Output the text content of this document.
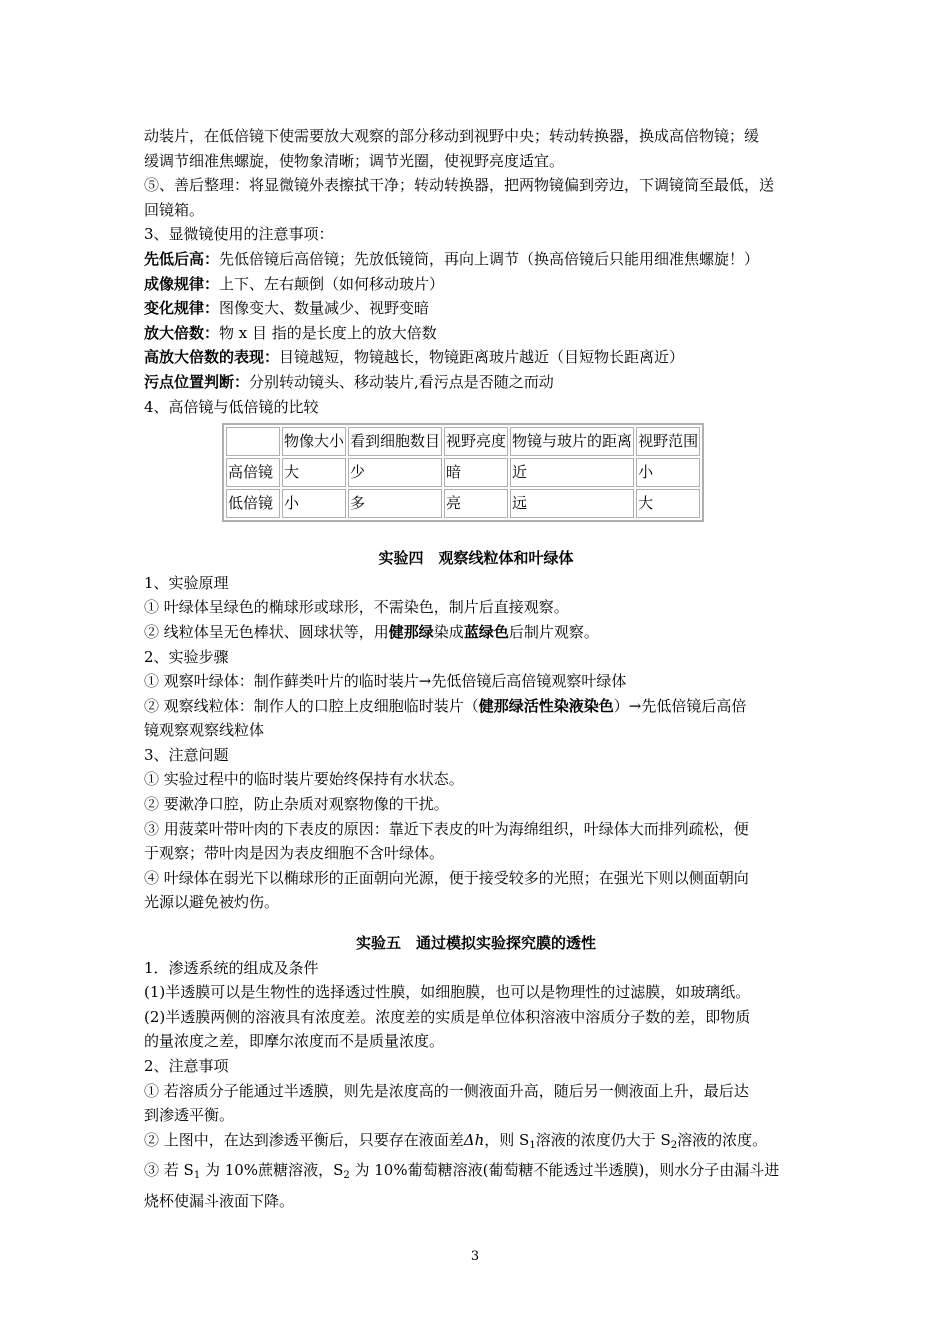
动装片，在低倍镜下使需要放大观察的部分移动到视野中央；转动转换器，换成高倍物镜；缓
缓调节细准焦螺旋，使物象清晰；调节光圈，使视野亮度适宜。
⑤、善后整理：将显微镜外表擦拭干净；转动转换器，把两物镜偏到旁边，下调镜筒至最低，送
回镜箱。
3、显微镜使用的注意事项：
先低后高：先低倍镜后高倍镜；先放低镜筒，再向上调节（换高倍镜后只能用细准焦螺旋！）
成像规律：上下、左右颠倒（如何移动玻片）
变化规律：图像变大、数量减少、视野变暗
放大倍数：物 x 目 指的是长度上的放大倍数
高放大倍数的表现：目镜越短，物镜越长，物镜距离玻片越近（目短物长距离近）
污点位置判断：分别转动镜头、移动装片,看污点是否随之而动
4、高倍镜与低倍镜的比较
	物像大小	看到细胞数目	视野亮度	物镜与玻片的距离	视野范围
高倍镜	大	少	暗	近	小
低倍镜	小	多	亮	远	大
实验四　观察线粒体和叶绿体
1、实验原理
① 叶绿体呈绿色的椭球形或球形，不需染色，制片后直接观察。
② 线粒体呈无色棒状、圆球状等，用健那绿染成蓝绿色后制片观察。
2、实验步骤
① 观察叶绿体：制作藓类叶片的临时装片→先低倍镜后高倍镜观察叶绿体
② 观察线粒体：制作人的口腔上皮细胞临时装片（健那绿活性染液染色）→先低倍镜后高倍
镜观察观察线粒体
3、注意问题
① 实验过程中的临时装片要始终保持有水状态。
② 要漱净口腔，防止杂质对观察物像的干扰。
③ 用菠菜叶带叶肉的下表皮的原因：靠近下表皮的叶为海绵组织，叶绿体大而排列疏松，便
于观察；带叶肉是因为表皮细胞不含叶绿体。
④ 叶绿体在弱光下以椭球形的正面朝向光源，便于接受较多的光照；在强光下则以侧面朝向
光源以避免被灼伤。
实验五　通过模拟实验探究膜的透性
1．渗透系统的组成及条件
(1)半透膜可以是生物性的选择透过性膜，如细胞膜，也可以是物理性的过滤膜，如玻璃纸。
(2)半透膜两侧的溶液具有浓度差。浓度差的实质是单位体积溶液中溶质分子数的差，即物质
的量浓度之差，即摩尔浓度而不是质量浓度。
2、注意事项
① 若溶质分子能通过半透膜，则先是浓度高的一侧液面升高，随后另一侧液面上升，最后达
到渗透平衡。
② 上图中，在达到渗透平衡后，只要存在液面差Δh，则 $S_1$溶液的浓度仍大于 $S_2$溶液的浓度。
③ 若 $S_1$ 为 10%蔗糖溶液，$S_2$ 为 10%葡萄糖溶液(葡萄糖不能透过半透膜)，则水分子由漏斗进
烧杯使漏斗液面下降。
3
